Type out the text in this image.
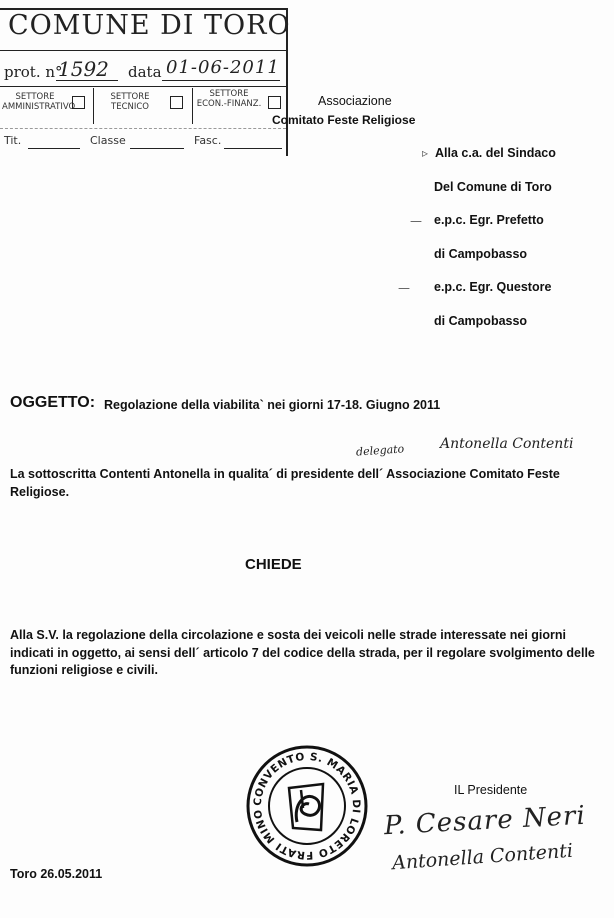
COMUNE DI TORO
prot. n°
1592 data 01-06-2011
SETTORE
AMMINISTRATIVO
SETTORE
TECNICO
SETTORE
ECON.-FINANZ.
Tit.	Classe	Fasc.
Associazione
Comitato Feste Religiose
▹ Alla c.a. del Sindaco
Del Comune di Toro
— e.p.c. Egr. Prefetto
di Campobasso
— e.p.c. Egr. Questore
di Campobasso
OGGETTO: Regolazione della viabilita` nei giorni 17-18. Giugno 2011
delegato	Antonella Contenti
La sottoscritta Contenti Antonella in qualita´ di presidente dell´ Associazione Comitato Feste Religiose.
CHIEDE
Alla S.V. la regolazione della circolazione e sosta dei veicoli nelle strade interessate nei giorni indicati in oggetto, ai sensi dell´ articolo 7 del codice della strada, per il regolare svolgimento delle funzioni religiose e civili.
CONVENTO S. MARIA DI LORETO FRATI MINO
IL Presidente
P. Cesare Neri
Antonella Contenti
Toro 26.05.2011
